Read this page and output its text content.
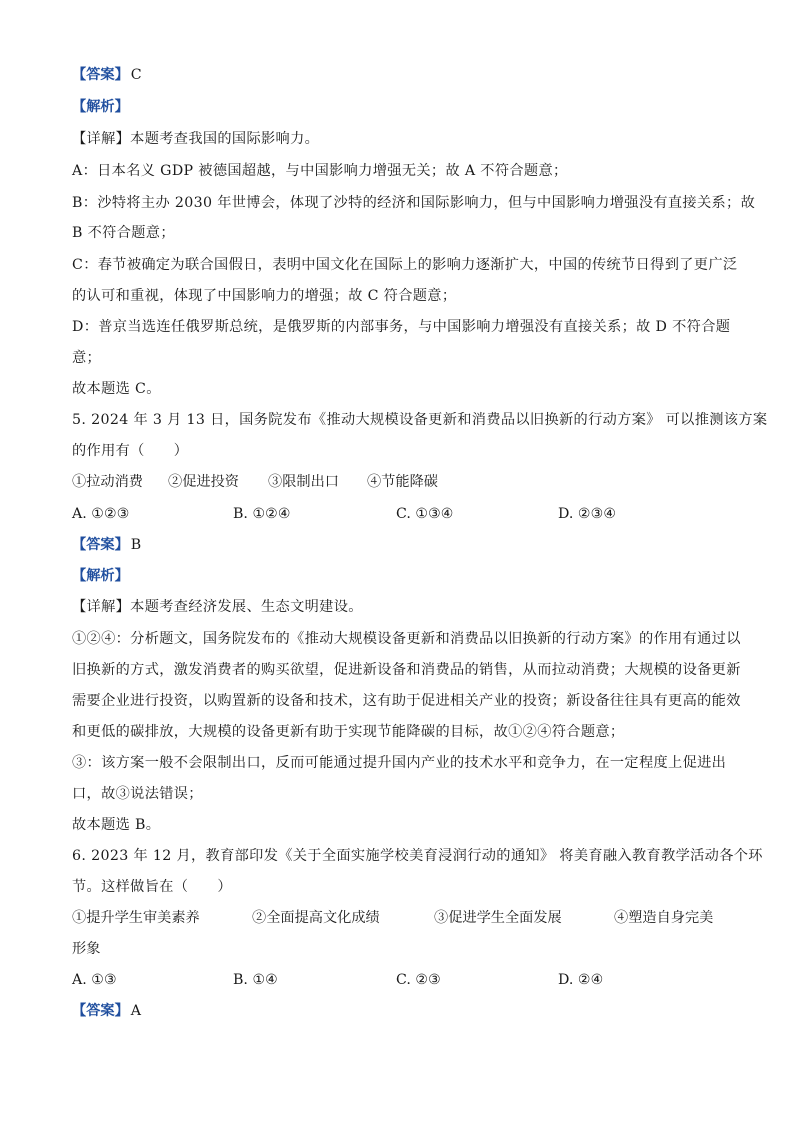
【答案】 C
【解析】
【详解】本题考查我国的国际影响力。
A：日本名义 GDP 被德国超越，与中国影响力增强无关；故 A 不符合题意；
B：沙特将主办 2030 年世博会，体现了沙特的经济和国际影响力，但与中国影响力增强没有直接关系；故
B 不符合题意；
C：春节被确定为联合国假日，表明中国文化在国际上的影响力逐渐扩大，中国的传统节日得到了更广泛
的认可和重视，体现了中国影响力的增强；故 C 符合题意；
D：普京当选连任俄罗斯总统，是俄罗斯的内部事务，与中国影响力增强没有直接关系；故 D 不符合题
意；
故本题选 C。
5. 2024 年 3 月 13 日，国务院发布《推动大规模设备更新和消费品以旧换新的行动方案》 可以推测该方案
的作用有（　　）
①拉动消费 ②促进投资 ③限制出口 ④节能降碳
A. ①②③	B. ①②④	C. ①③④	D. ②③④
【答案】 B
【解析】
【详解】本题考查经济发展、生态文明建设。
①②④：分析题文，国务院发布的《推动大规模设备更新和消费品以旧换新的行动方案》的作用有通过以
旧换新的方式，激发消费者的购买欲望，促进新设备和消费品的销售，从而拉动消费；大规模的设备更新
需要企业进行投资，以购置新的设备和技术，这有助于促进相关产业的投资；新设备往往具有更高的能效
和更低的碳排放，大规模的设备更新有助于实现节能降碳的目标，故①②④符合题意；
③：该方案一般不会限制出口，反而可能通过提升国内产业的技术水平和竞争力，在一定程度上促进出
口，故③说法错误；
故本题选 B。
6. 2023 年 12 月，教育部印发《关于全面实施学校美育浸润行动的通知》 将美育融入教育教学活动各个环
节。这样做旨在（　　）
①提升学生审美素养	②全面提高文化成绩	③促进学生全面发展	④塑造自身完美
形象
A. ①③	B. ①④	C. ②③	D. ②④
【答案】 A
